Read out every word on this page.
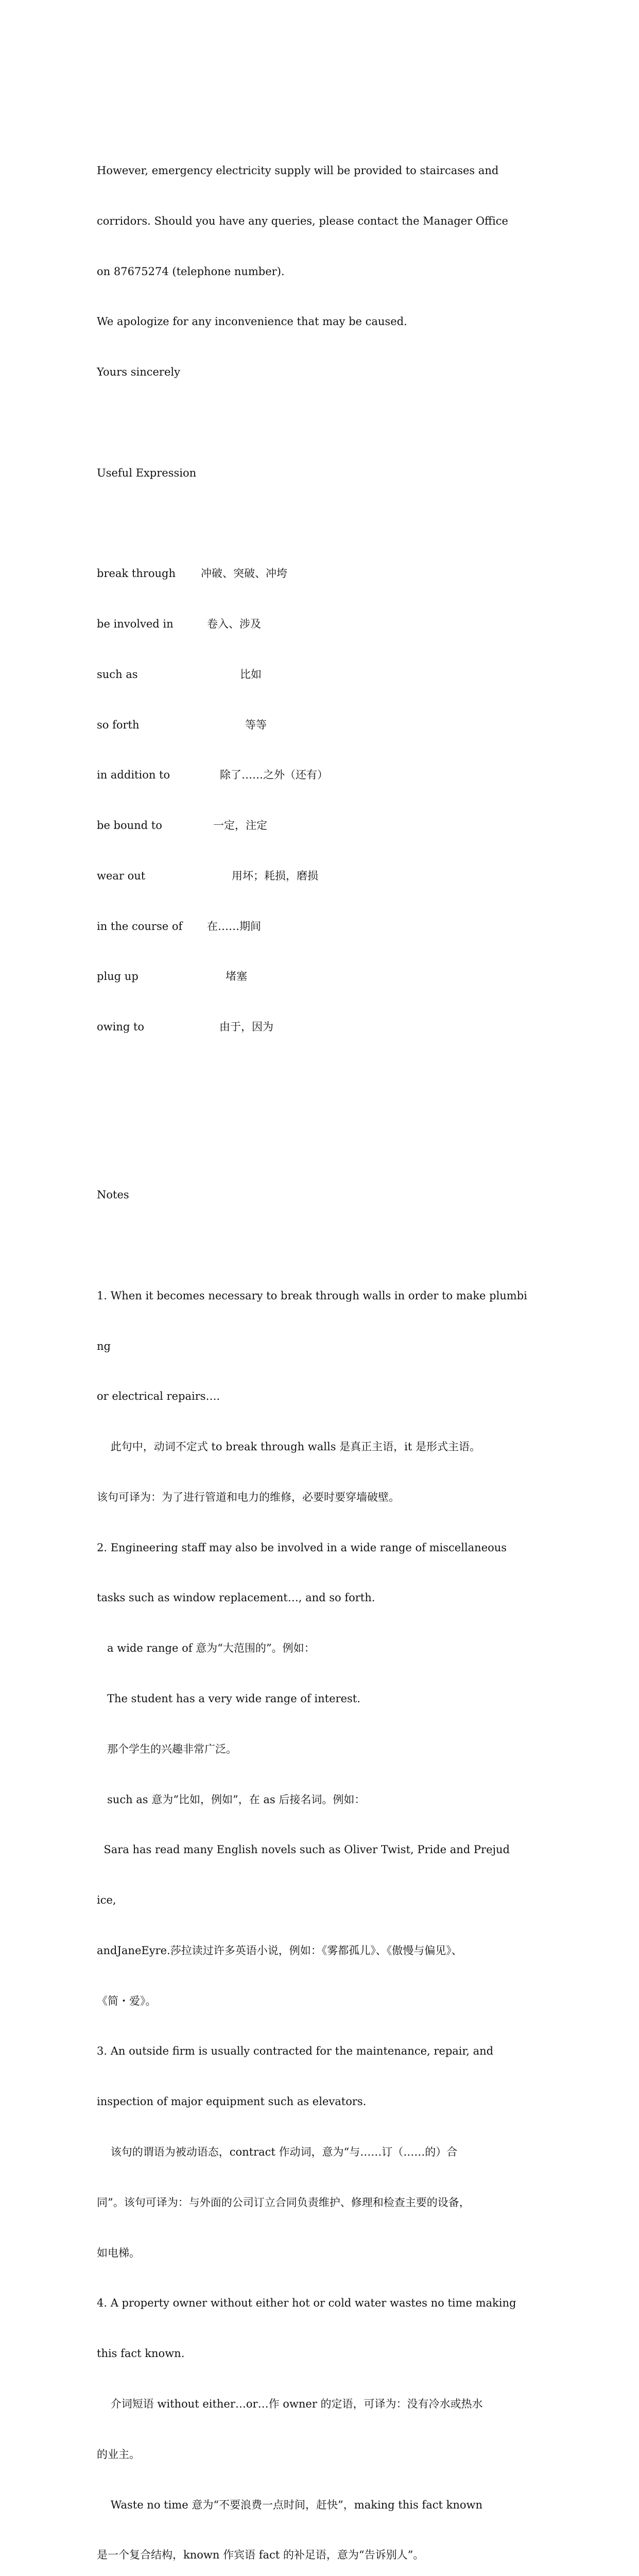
However, emergency electricity supply will be provided to staircases and

corridors. Should you have any queries, please contact the Manager Office

on 87675274 (telephone number).

We apologize for any inconvenience that may be caused.

Yours sincerely

Useful Expression

break through	冲破、突破、冲垮

be involved in	卷入、涉及

such as	比如

so forth	等等

in addition to	除了……之外（还有）

be bound to	一定，注定

wear out	用坏；耗损，磨损

in the course of	在……期间

plug up	堵塞

owing to	由于，因为

Notes

1. When it becomes necessary to break through walls in order to make plumbi

ng

or electrical repairs….

此句中，动词不定式 to break through walls 是真正主语，it 是形式主语。

该句可译为：为了进行管道和电力的维修，必要时要穿墙破壁。

2. Engineering staff may also be involved in a wide range of miscellaneous

tasks such as window replacement…, and so forth.

a wide range of 意为“大范围的”。例如：

The student has a very wide range of interest.

那个学生的兴趣非常广泛。

such as 意为“比如，例如”，在 as 后接名词。例如：

Sara has read many English novels such as Oliver Twist, Pride and Prejud

ice,

andJaneEyre.莎拉读过许多英语小说，例如：《雾都孤儿》、《傲慢与偏见》、

《简・爱》。

3. An outside firm is usually contracted for the maintenance, repair, and

inspection of major equipment such as elevators.

该句的谓语为被动语态，contract 作动词，意为“与……订（……的）合

同”。该句可译为：与外面的公司订立合同负责维护、修理和检查主要的设备，

如电梯。

4. A property owner without either hot or cold water wastes no time making

this fact known.

介词短语 without either…or…作 owner 的定语，可译为：没有冷水或热水

的业主。

Waste no time 意为“不要浪费一点时间，赶快”，making this fact known

是一个复合结构，known 作宾语 fact 的补足语，意为“告诉别人”。
